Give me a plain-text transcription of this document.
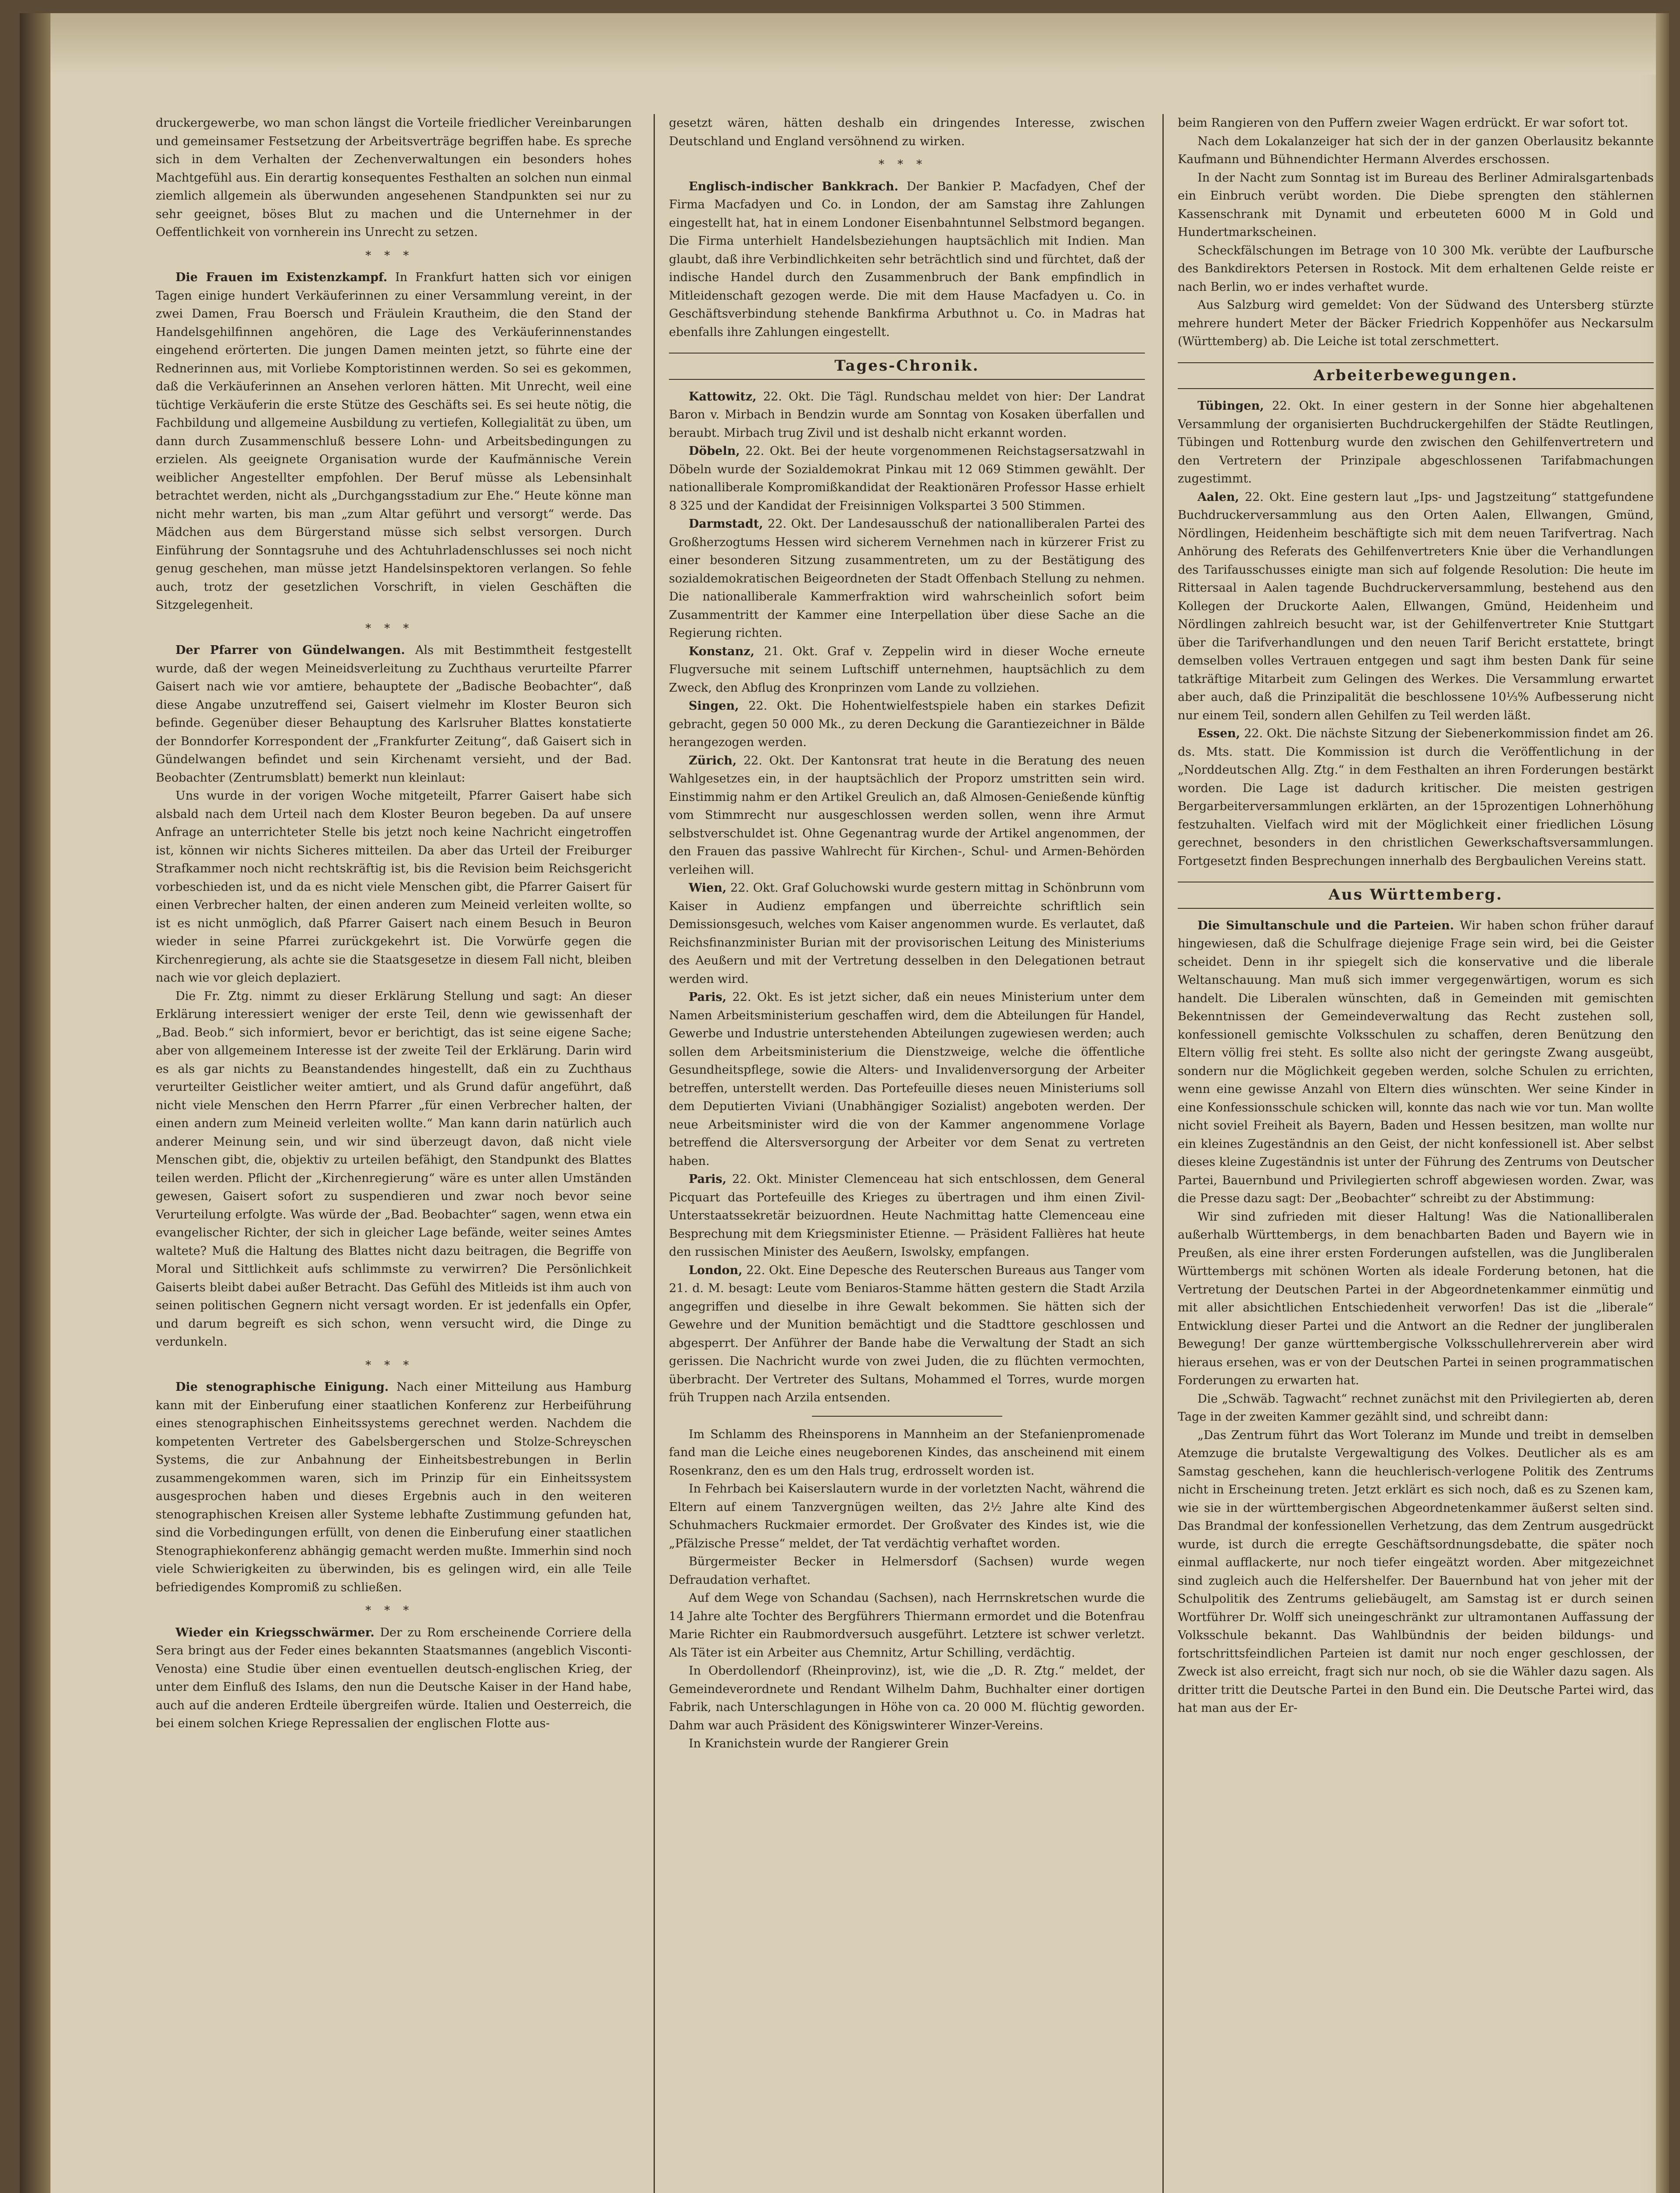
druckergewerbe, wo man schon längst die Vorteile friedlicher Vereinbarungen und gemeinsamer Festsetzung der Arbeitsverträge begriffen habe. Es spreche sich in dem Verhalten der Zechenverwaltungen ein besonders hohes Machtgefühl aus. Ein derartig konsequentes Festhalten an solchen nun einmal ziemlich allgemein als überwunden angesehenen Standpunkten sei nur zu sehr geeignet, böses Blut zu machen und die Unternehmer in der Oeffentlichkeit von vornherein ins Unrecht zu setzen.

***

Die Frauen im Existenzkampf. In Frankfurt hatten sich vor einigen Tagen einige hundert Verkäuferinnen zu einer Versammlung vereint, in der zwei Damen, Frau Boersch und Fräulein Krautheim, die den Stand der Handelsgehilfinnen angehören, die Lage des Verkäuferinnenstandes eingehend erörterten. Die jungen Damen meinten jetzt, so führte eine der Rednerinnen aus, mit Vorliebe Komptoristinnen werden. So sei es gekommen, daß die Verkäuferinnen an Ansehen verloren hätten. Mit Unrecht, weil eine tüchtige Verkäuferin die erste Stütze des Geschäfts sei. Es sei heute nötig, die Fachbildung und allgemeine Ausbildung zu vertiefen, Kollegialität zu üben, um dann durch Zusammenschluß bessere Lohn- und Arbeitsbedingungen zu erzielen. Als geeignete Organisation wurde der Kaufmännische Verein weiblicher Angestellter empfohlen. Der Beruf müsse als Lebensinhalt betrachtet werden, nicht als „Durchgangsstadium zur Ehe.“ Heute könne man nicht mehr warten, bis man „zum Altar geführt und versorgt“ werde. Das Mädchen aus dem Bürgerstand müsse sich selbst versorgen. Durch Einführung der Sonntagsruhe und des Achtuhrladenschlusses sei noch nicht genug geschehen, man müsse jetzt Handelsinspektoren verlangen. So fehle auch, trotz der gesetzlichen Vorschrift, in vielen Geschäften die Sitzgelegenheit.

***

Der Pfarrer von Gündelwangen. Als mit Bestimmtheit festgestellt wurde, daß der wegen Meineidsverleitung zu Zuchthaus verurteilte Pfarrer Gaisert nach wie vor amtiere, behauptete der „Badische Beobachter“, daß diese Angabe unzutreffend sei, Gaisert vielmehr im Kloster Beuron sich befinde. Gegenüber dieser Behauptung des Karlsruher Blattes konstatierte der Bonndorfer Korrespondent der „Frankfurter Zeitung“, daß Gaisert sich in Gündelwangen befindet und sein Kirchenamt versieht, und der Bad. Beobachter (Zentrumsblatt) bemerkt nun kleinlaut:

Uns wurde in der vorigen Woche mitgeteilt, Pfarrer Gaisert habe sich alsbald nach dem Urteil nach dem Kloster Beuron begeben. Da auf unsere Anfrage an unterrichteter Stelle bis jetzt noch keine Nachricht eingetroffen ist, können wir nichts Sicheres mitteilen. Da aber das Urteil der Freiburger Strafkammer noch nicht rechtskräftig ist, bis die Revision beim Reichsgericht vorbeschieden ist, und da es nicht viele Menschen gibt, die Pfarrer Gaisert für einen Verbrecher halten, der einen anderen zum Meineid verleiten wollte, so ist es nicht unmöglich, daß Pfarrer Gaisert nach einem Besuch in Beuron wieder in seine Pfarrei zurückgekehrt ist. Die Vorwürfe gegen die Kirchenregierung, als achte sie die Staatsgesetze in diesem Fall nicht, bleiben nach wie vor gleich deplaziert.

Die Fr. Ztg. nimmt zu dieser Erklärung Stellung und sagt: An dieser Erklärung interessiert weniger der erste Teil, denn wie gewissenhaft der „Bad. Beob.“ sich informiert, bevor er berichtigt, das ist seine eigene Sache; aber von allgemeinem Interesse ist der zweite Teil der Erklärung. Darin wird es als gar nichts zu Beanstandendes hingestellt, daß ein zu Zuchthaus verurteilter Geistlicher weiter amtiert, und als Grund dafür angeführt, daß nicht viele Menschen den Herrn Pfarrer „für einen Verbrecher halten, der einen andern zum Meineid verleiten wollte.“ Man kann darin natürlich auch anderer Meinung sein, und wir sind überzeugt davon, daß nicht viele Menschen gibt, die, objektiv zu urteilen befähigt, den Standpunkt des Blattes teilen werden. Pflicht der „Kirchenregierung“ wäre es unter allen Umständen gewesen, Gaisert sofort zu suspendieren und zwar noch bevor seine Verurteilung erfolgte. Was würde der „Bad. Beobachter“ sagen, wenn etwa ein evangelischer Richter, der sich in gleicher Lage befände, weiter seines Amtes waltete? Muß die Haltung des Blattes nicht dazu beitragen, die Begriffe von Moral und Sittlichkeit aufs schlimmste zu verwirren? Die Persönlichkeit Gaiserts bleibt dabei außer Betracht. Das Gefühl des Mitleids ist ihm auch von seinen politischen Gegnern nicht versagt worden. Er ist jedenfalls ein Opfer, und darum begreift es sich schon, wenn versucht wird, die Dinge zu verdunkeln.

***

Die stenographische Einigung. Nach einer Mitteilung aus Hamburg kann mit der Einberufung einer staatlichen Konferenz zur Herbeiführung eines stenographischen Einheitssystems gerechnet werden. Nachdem die kompetenten Vertreter des Gabelsbergerschen und Stolze-Schreyschen Systems, die zur Anbahnung der Einheitsbestrebungen in Berlin zusammengekommen waren, sich im Prinzip für ein Einheitssystem ausgesprochen haben und dieses Ergebnis auch in den weiteren stenographischen Kreisen aller Systeme lebhafte Zustimmung gefunden hat, sind die Vorbedingungen erfüllt, von denen die Einberufung einer staatlichen Stenographiekonferenz abhängig gemacht werden mußte. Immerhin sind noch viele Schwierigkeiten zu überwinden, bis es gelingen wird, ein alle Teile befriedigendes Kompromiß zu schließen.

***

Wieder ein Kriegsschwärmer. Der zu Rom erscheinende Corriere della Sera bringt aus der Feder eines bekannten Staatsmannes (angeblich Visconti-Venosta) eine Studie über einen eventuellen deutsch-englischen Krieg, der unter dem Einfluß des Islams, den nun die Deutsche Kaiser in der Hand habe, auch auf die anderen Erdteile übergreifen würde. Italien und Oesterreich, die bei einem solchen Kriege Repressalien der englischen Flotte aus-

gesetzt wären, hätten deshalb ein dringendes Interesse, zwischen Deutschland und England versöhnend zu wirken.

***

Englisch-indischer Bankkrach. Der Bankier P. Macfadyen, Chef der Firma Macfadyen und Co. in London, der am Samstag ihre Zahlungen eingestellt hat, hat in einem Londoner Eisenbahntunnel Selbstmord begangen. Die Firma unterhielt Handelsbeziehungen hauptsächlich mit Indien. Man glaubt, daß ihre Verbindlichkeiten sehr beträchtlich sind und fürchtet, daß der indische Handel durch den Zusammenbruch der Bank empfindlich in Mitleidenschaft gezogen werde. Die mit dem Hause Macfadyen u. Co. in Geschäftsverbindung stehende Bankfirma Arbuthnot u. Co. in Madras hat ebenfalls ihre Zahlungen eingestellt.

Tages-Chronik.

Kattowitz, 22. Okt. Die Tägl. Rundschau meldet von hier: Der Landrat Baron v. Mirbach in Bendzin wurde am Sonntag von Kosaken überfallen und beraubt. Mirbach trug Zivil und ist deshalb nicht erkannt worden.

Döbeln, 22. Okt. Bei der heute vorgenommenen Reichstagsersatzwahl in Döbeln wurde der Sozialdemokrat Pinkau mit 12 069 Stimmen gewählt. Der nationalliberale Kompromißkandidat der Reaktionären Professor Hasse erhielt 8 325 und der Kandidat der Freisinnigen Volkspartei 3 500 Stimmen.

Darmstadt, 22. Okt. Der Landesausschuß der nationalliberalen Partei des Großherzogtums Hessen wird sicherem Vernehmen nach in kürzerer Frist zu einer besonderen Sitzung zusammentreten, um zu der Bestätigung des sozialdemokratischen Beigeordneten der Stadt Offenbach Stellung zu nehmen. Die nationalliberale Kammerfraktion wird wahrscheinlich sofort beim Zusammentritt der Kammer eine Interpellation über diese Sache an die Regierung richten.

Konstanz, 21. Okt. Graf v. Zeppelin wird in dieser Woche erneute Flugversuche mit seinem Luftschiff unternehmen, hauptsächlich zu dem Zweck, den Abflug des Kronprinzen vom Lande zu vollziehen.

Singen, 22. Okt. Die Hohentwielfestspiele haben ein starkes Defizit gebracht, gegen 50 000 Mk., zu deren Deckung die Garantiezeichner in Bälde herangezogen werden.

Zürich, 22. Okt. Der Kantonsrat trat heute in die Beratung des neuen Wahlgesetzes ein, in der hauptsächlich der Proporz umstritten sein wird. Einstimmig nahm er den Artikel Greulich an, daß Almosen-Genießende künftig vom Stimmrecht nur ausgeschlossen werden sollen, wenn ihre Armut selbstverschuldet ist. Ohne Gegenantrag wurde der Artikel angenommen, der den Frauen das passive Wahlrecht für Kirchen-, Schul- und Armen-Behörden verleihen will.

Wien, 22. Okt. Graf Goluchowski wurde gestern mittag in Schönbrunn vom Kaiser in Audienz empfangen und überreichte schriftlich sein Demissionsgesuch, welches vom Kaiser angenommen wurde. Es verlautet, daß Reichsfinanzminister Burian mit der provisorischen Leitung des Ministeriums des Aeußern und mit der Vertretung desselben in den Delegationen betraut werden wird.

Paris, 22. Okt. Es ist jetzt sicher, daß ein neues Ministerium unter dem Namen Arbeitsministerium geschaffen wird, dem die Abteilungen für Handel, Gewerbe und Industrie unterstehenden Abteilungen zugewiesen werden; auch sollen dem Arbeitsministerium die Dienstzweige, welche die öffentliche Gesundheitspflege, sowie die Alters- und Invalidenversorgung der Arbeiter betreffen, unterstellt werden. Das Portefeuille dieses neuen Ministeriums soll dem Deputierten Viviani (Unabhängiger Sozialist) angeboten werden. Der neue Arbeitsminister wird die von der Kammer angenommene Vorlage betreffend die Altersversorgung der Arbeiter vor dem Senat zu vertreten haben.

Paris, 22. Okt. Minister Clemenceau hat sich entschlossen, dem General Picquart das Portefeuille des Krieges zu übertragen und ihm einen Zivil-Unterstaatssekretär beizuordnen. Heute Nachmittag hatte Clemenceau eine Besprechung mit dem Kriegsminister Etienne. — Präsident Fallières hat heute den russischen Minister des Aeußern, Iswolsky, empfangen.

London, 22. Okt. Eine Depesche des Reuterschen Bureaus aus Tanger vom 21. d. M. besagt: Leute vom Beniaros-Stamme hätten gestern die Stadt Arzila angegriffen und dieselbe in ihre Gewalt bekommen. Sie hätten sich der Gewehre und der Munition bemächtigt und die Stadttore geschlossen und abgesperrt. Der Anführer der Bande habe die Verwaltung der Stadt an sich gerissen. Die Nachricht wurde von zwei Juden, die zu flüchten vermochten, überbracht. Der Vertreter des Sultans, Mohammed el Torres, wurde morgen früh Truppen nach Arzila entsenden.

Im Schlamm des Rheinsporens in Mannheim an der Stefanienpromenade fand man die Leiche eines neugeborenen Kindes, das anscheinend mit einem Rosenkranz, den es um den Hals trug, erdrosselt worden ist.

In Fehrbach bei Kaiserslautern wurde in der vorletzten Nacht, während die Eltern auf einem Tanzvergnügen weilten, das 2½ Jahre alte Kind des Schuhmachers Ruckmaier ermordet. Der Großvater des Kindes ist, wie die „Pfälzische Presse“ meldet, der Tat verdächtig verhaftet worden.

Bürgermeister Becker in Helmersdorf (Sachsen) wurde wegen Defraudation verhaftet.

Auf dem Wege von Schandau (Sachsen), nach Herrnskretschen wurde die 14 Jahre alte Tochter des Bergführers Thiermann ermordet und die Botenfrau Marie Richter ein Raubmordversuch ausgeführt. Letztere ist schwer verletzt. Als Täter ist ein Arbeiter aus Chemnitz, Artur Schilling, verdächtig.

In Oberdollendorf (Rheinprovinz), ist, wie die „D. R. Ztg.“ meldet, der Gemeindeverordnete und Rendant Wilhelm Dahm, Buchhalter einer dortigen Fabrik, nach Unterschlagungen in Höhe von ca. 20 000 M. flüchtig geworden. Dahm war auch Präsident des Königswinterer Winzer-Vereins.

In Kranichstein wurde der Rangierer Grein

beim Rangieren von den Puffern zweier Wagen erdrückt. Er war sofort tot.

Nach dem Lokalanzeiger hat sich der in der ganzen Oberlausitz bekannte Kaufmann und Bühnendichter Hermann Alverdes erschossen.

In der Nacht zum Sonntag ist im Bureau des Berliner Admiralsgartenbads ein Einbruch verübt worden. Die Diebe sprengten den stählernen Kassenschrank mit Dynamit und erbeuteten 6000 M in Gold und Hundertmarkscheinen.

Scheckfälschungen im Betrage von 10 300 Mk. verübte der Laufbursche des Bankdirektors Petersen in Rostock. Mit dem erhaltenen Gelde reiste er nach Berlin, wo er indes verhaftet wurde.

Aus Salzburg wird gemeldet: Von der Südwand des Untersberg stürzte mehrere hundert Meter der Bäcker Friedrich Koppenhöfer aus Neckarsulm (Württemberg) ab. Die Leiche ist total zerschmettert.

Arbeiterbewegungen.

Tübingen, 22. Okt. In einer gestern in der Sonne hier abgehaltenen Versammlung der organisierten Buchdruckergehilfen der Städte Reutlingen, Tübingen und Rottenburg wurde den zwischen den Gehilfenvertretern und den Vertretern der Prinzipale abgeschlossenen Tarifabmachungen zugestimmt.

Aalen, 22. Okt. Eine gestern laut „Ips- und Jagstzeitung“ stattgefundene Buchdruckerversammlung aus den Orten Aalen, Ellwangen, Gmünd, Nördlingen, Heidenheim beschäftigte sich mit dem neuen Tarifvertrag. Nach Anhörung des Referats des Gehilfenvertreters Knie über die Verhandlungen des Tarifausschusses einigte man sich auf folgende Resolution: Die heute im Rittersaal in Aalen tagende Buchdruckerversammlung, bestehend aus den Kollegen der Druckorte Aalen, Ellwangen, Gmünd, Heidenheim und Nördlingen zahlreich besucht war, ist der Gehilfenvertreter Knie Stuttgart über die Tarifverhandlungen und den neuen Tarif Bericht erstattete, bringt demselben volles Vertrauen entgegen und sagt ihm besten Dank für seine tatkräftige Mitarbeit zum Gelingen des Werkes. Die Versammlung erwartet aber auch, daß die Prinzipalität die beschlossene 10⅓% Aufbesserung nicht nur einem Teil, sondern allen Gehilfen zu Teil werden läßt.

Essen, 22. Okt. Die nächste Sitzung der Siebenerkommission findet am 26. ds. Mts. statt. Die Kommission ist durch die Veröffentlichung in der „Norddeutschen Allg. Ztg.“ in dem Festhalten an ihren Forderungen bestärkt worden. Die Lage ist dadurch kritischer. Die meisten gestrigen Bergarbeiterversammlungen erklärten, an der 15prozentigen Lohnerhöhung festzuhalten. Vielfach wird mit der Möglichkeit einer friedlichen Lösung gerechnet, besonders in den christlichen Gewerkschaftsversammlungen. Fortgesetzt finden Besprechungen innerhalb des Bergbaulichen Vereins statt.

Aus Württemberg.

Die Simultanschule und die Parteien. Wir haben schon früher darauf hingewiesen, daß die Schulfrage diejenige Frage sein wird, bei die Geister scheidet. Denn in ihr spiegelt sich die konservative und die liberale Weltanschauung. Man muß sich immer vergegenwärtigen, worum es sich handelt. Die Liberalen wünschten, daß in Gemeinden mit gemischten Bekenntnissen der Gemeindeverwaltung das Recht zustehen soll, konfessionell gemischte Volksschulen zu schaffen, deren Benützung den Eltern völlig frei steht. Es sollte also nicht der geringste Zwang ausgeübt, sondern nur die Möglichkeit gegeben werden, solche Schulen zu errichten, wenn eine gewisse Anzahl von Eltern dies wünschten. Wer seine Kinder in eine Konfessionsschule schicken will, konnte das nach wie vor tun. Man wollte nicht soviel Freiheit als Bayern, Baden und Hessen besitzen, man wollte nur ein kleines Zugeständnis an den Geist, der nicht konfessionell ist. Aber selbst dieses kleine Zugeständnis ist unter der Führung des Zentrums von Deutscher Partei, Bauernbund und Privilegierten schroff abgewiesen worden. Zwar, was die Presse dazu sagt: Der „Beobachter“ schreibt zu der Abstimmung:

Wir sind zufrieden mit dieser Haltung! Was die Nationalliberalen außerhalb Württembergs, in dem benachbarten Baden und Bayern wie in Preußen, als eine ihrer ersten Forderungen aufstellen, was die Jungliberalen Württembergs mit schönen Worten als ideale Forderung betonen, hat die Vertretung der Deutschen Partei in der Abgeordnetenkammer einmütig und mit aller absichtlichen Entschiedenheit verworfen! Das ist die „liberale“ Entwicklung dieser Partei und die Antwort an die Redner der jungliberalen Bewegung! Der ganze württembergische Volksschullehrerverein aber wird hieraus ersehen, was er von der Deutschen Partei in seinen programmatischen Forderungen zu erwarten hat.

Die „Schwäb. Tagwacht“ rechnet zunächst mit den Privilegierten ab, deren Tage in der zweiten Kammer gezählt sind, und schreibt dann:

„Das Zentrum führt das Wort Toleranz im Munde und treibt in demselben Atemzuge die brutalste Vergewaltigung des Volkes. Deutlicher als es am Samstag geschehen, kann die heuchlerisch-verlogene Politik des Zentrums nicht in Erscheinung treten. Jetzt erklärt es sich noch, daß es zu Szenen kam, wie sie in der württembergischen Abgeordnetenkammer äußerst selten sind. Das Brandmal der konfessionellen Verhetzung, das dem Zentrum ausgedrückt wurde, ist durch die erregte Geschäftsordnungsdebatte, die später noch einmal aufflackerte, nur noch tiefer eingeätzt worden. Aber mitgezeichnet sind zugleich auch die Helfershelfer. Der Bauernbund hat von jeher mit der Schulpolitik des Zentrums geliebäugelt, am Samstag ist er durch seinen Wortführer Dr. Wolff sich uneingeschränkt zur ultramontanen Auffassung der Volksschule bekannt. Das Wahlbündnis der beiden bildungs- und fortschrittsfeindlichen Parteien ist damit nur noch enger geschlossen, der Zweck ist also erreicht, fragt sich nur noch, ob sie die Wähler dazu sagen. Als dritter tritt die Deutsche Partei in den Bund ein. Die Deutsche Partei wird, das hat man aus der Er-
